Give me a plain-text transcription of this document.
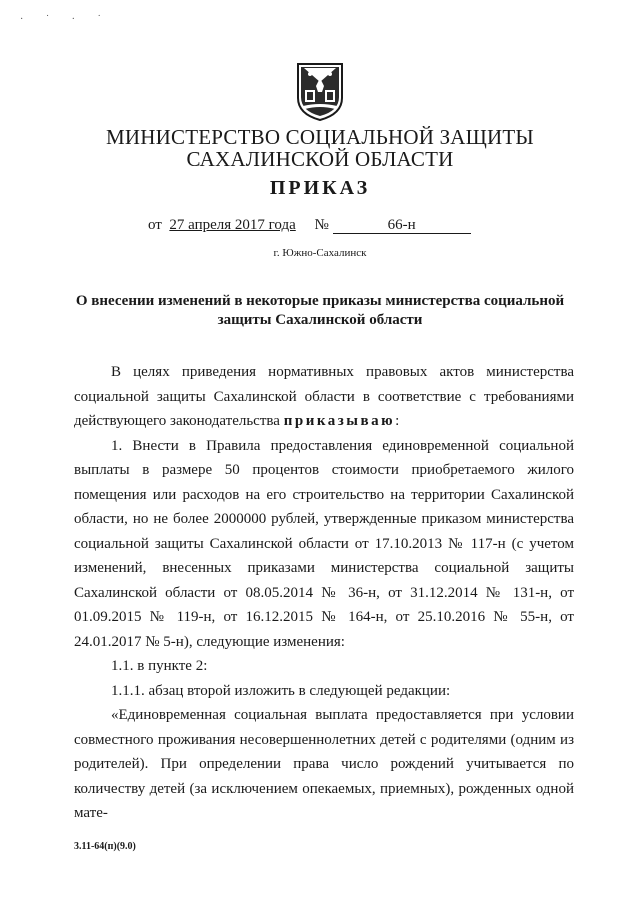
· ˙ · ˙
МИНИСТЕРСТВО СОЦИАЛЬНОЙ ЗАЩИТЫ
САХАЛИНСКОЙ ОБЛАСТИ
ПРИКАЗ
от 27 апреля 2017 года №	66-н
г. Южно-Сахалинск
О внесении изменений в некоторые приказы министерства социальной защиты Сахалинской области

В целях приведения нормативных правовых актов министерства социальной защиты Сахалинской области в соответствие с требованиями действующего законодательства приказываю:

1. Внести в Правила предоставления единовременной социальной выплаты в размере 50 процентов стоимости приобретаемого жилого помещения или расходов на его строительство на территории Сахалинской области, но не более 2000000 рублей, утвержденные приказом министерства социальной защиты Сахалинской области от 17.10.2013 № 117-н (с учетом изменений, внесенных приказами министерства социальной защиты Сахалинской области от 08.05.2014 № 36-н, от 31.12.2014 № 131-н, от 01.09.2015 № 119-н, от 16.12.2015 № 164-н, от 25.10.2016 № 55-н, от 24.01.2017 № 5-н), следующие изменения:

1.1. в пункте 2:

1.1.1. абзац второй изложить в следующей редакции:

«Единовременная социальная выплата предоставляется при условии совместного проживания несовершеннолетних детей с родителями (одним из родителей). При определении права число рождений учитывается по количеству детей (за исключением опекаемых, приемных), рожденных одной мате-

3.11-64(п)(9.0)
